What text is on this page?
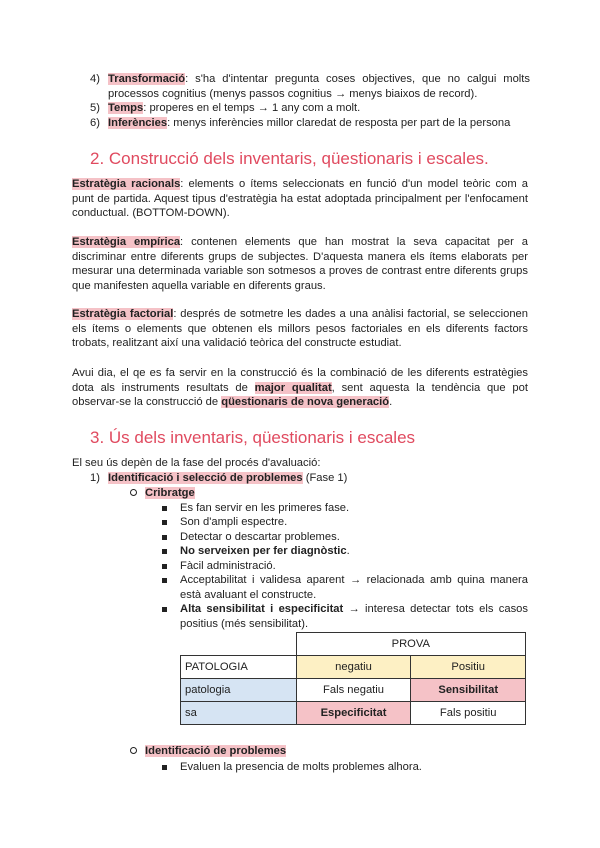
4) Transformació: s'ha d'intentar pregunta coses objectives, que no calgui molts processos cognitius (menys passos cognitius → menys biaixos de record).
5) Temps: properes en el temps → 1 any com a molt.
6) Inferències: menys inferències millor claredat de resposta per part de la persona
2. Construcció dels inventaris, qüestionaris i escales.
Estratègia racionals: elements o ítems seleccionats en funció d'un model teòric com a punt de partida. Aquest tipus d'estratègia ha estat adoptada principalment per l'enfocament conductual. (BOTTOM-DOWN).
Estratègia empírica: contenen elements que han mostrat la seva capacitat per a discriminar entre diferents grups de subjectes. D'aquesta manera els ítems elaborats per mesurar una determinada variable son sotmesos a proves de contrast entre diferents grups que manifesten aquella variable en diferents graus.
Estratègia factorial: després de sotmetre les dades a una anàlisi factorial, se seleccionen els ítems o elements que obtenen els millors pesos factoriales en els diferents factors trobats, realitzant així una validació teòrica del constructe estudiat.
Avui dia, el qe es fa servir en la construcció és la combinació de les diferents estratègies dota als instruments resultats de major qualitat, sent aquesta la tendència que pot observar-se la construcció de qüestionaris de nova generació.
3. Ús dels inventaris, qüestionaris i escales
El seu ús depèn de la fase del procés d'avaluació:
1) Identificació i selecció de problemes (Fase 1)
Cribratge
Es fan servir en les primeres fase.
Son d'ampli espectre.
Detectar o descartar problemes.
No serveixen per fer diagnòstic.
Fàcil administració.
Acceptabilitat i validesa aparent → relacionada amb quina manera està avaluant el constructe.
Alta sensibilitat i especificitat → interesa detectar tots els casos positius (més sensibilitat).
	PROVA	
PATOLOGIA	negatiu	Positiu
patologia	Fals negatiu	Sensibilitat
sa	Especificitat	Fals positiu
Identificació de problemes
Evaluen la presencia de molts problemes alhora.
